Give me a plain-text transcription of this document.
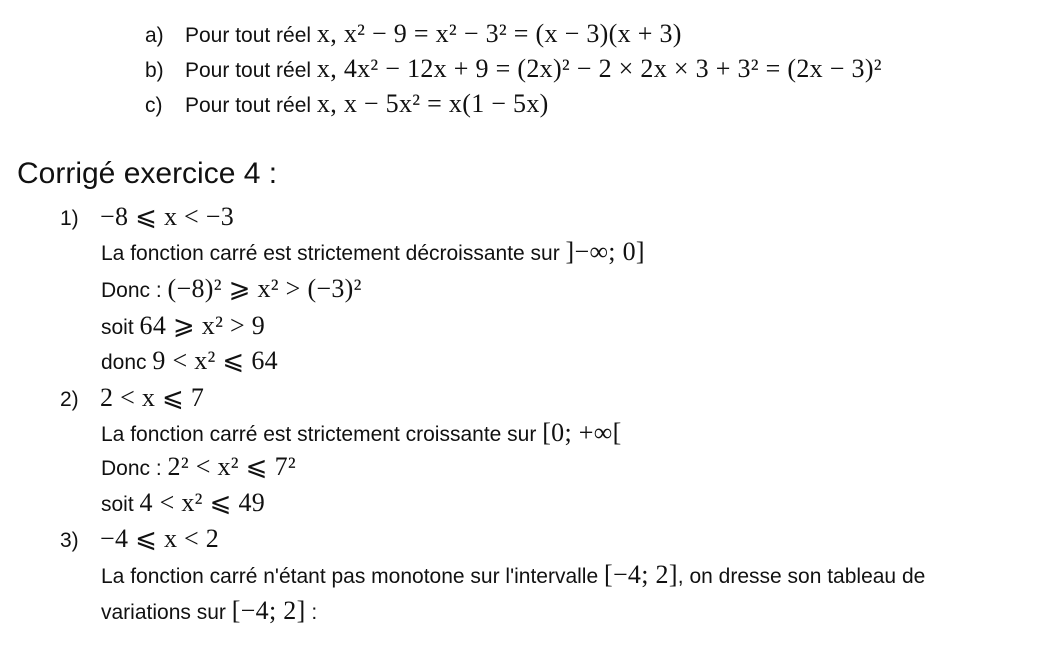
a) Pour tout réel x, x² − 9 = x² − 3² = (x − 3)(x + 3)
b) Pour tout réel x, 4x² − 12x + 9 = (2x)² − 2 × 2x × 3 + 3² = (2x − 3)²
c) Pour tout réel x, x − 5x² = x(1 − 5x)
Corrigé exercice 4 :
1) −8 ⩽ x < −3
La fonction carré est strictement décroissante sur ]−∞; 0]
Donc : (−8)² ⩾ x² > (−3)²
soit 64 ⩾ x² > 9
donc 9 < x² ⩽ 64
2) 2 < x ⩽ 7
La fonction carré est strictement croissante sur [0; +∞[
Donc : 2² < x² ⩽ 7²
soit 4 < x² ⩽ 49
3) −4 ⩽ x < 2
La fonction carré n'étant pas monotone sur l'intervalle [−4; 2], on dresse son tableau de
variations sur [−4; 2] :
